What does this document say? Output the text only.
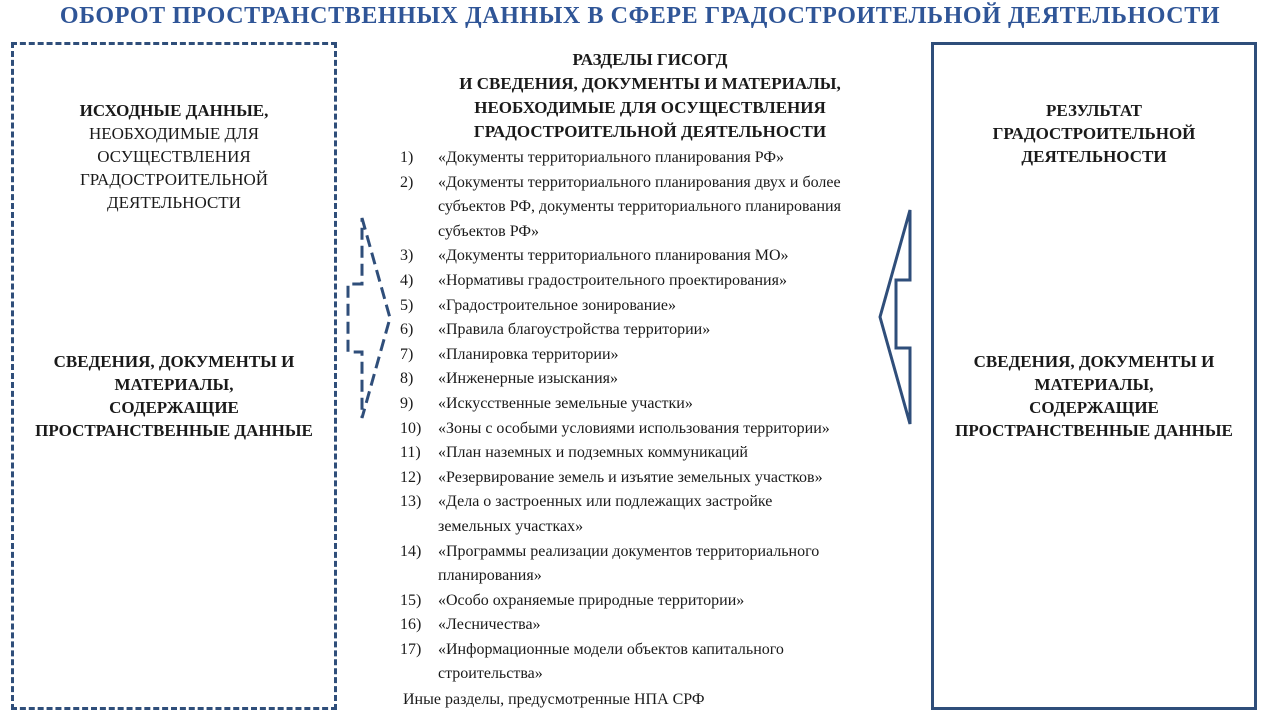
ОБОРОТ ПРОСТРАНСТВЕННЫХ ДАННЫХ В СФЕРЕ ГРАДОСТРОИТЕЛЬНОЙ ДЕЯТЕЛЬНОСТИ
ИСХОДНЫЕ ДАННЫЕ,
НЕОБХОДИМЫЕ ДЛЯ
ОСУЩЕСТВЛЕНИЯ
ГРАДОСТРОИТЕЛЬНОЙ
ДЕЯТЕЛЬНОСТИ
СВЕДЕНИЯ, ДОКУМЕНТЫ И
МАТЕРИАЛЫ,
СОДЕРЖАЩИЕ
ПРОСТРАНСТВЕННЫЕ ДАННЫЕ
РАЗДЕЛЫ ГИСОГД
И СВЕДЕНИЯ, ДОКУМЕНТЫ И МАТЕРИАЛЫ,
НЕОБХОДИМЫЕ ДЛЯ ОСУЩЕСТВЛЕНИЯ
ГРАДОСТРОИТЕЛЬНОЙ ДЕЯТЕЛЬНОСТИ
1)	«Документы территориального планирования РФ»
2)	«Документы территориального планирования двух и более субъектов РФ, документы территориального планирования субъектов РФ»
3)	«Документы территориального планирования МО»
4)	«Нормативы градостроительного проектирования»
5)	«Градостроительное зонирование»
6)	«Правила благоустройства территории»
7)	«Планировка территории»
8)	«Инженерные изыскания»
9)	«Искусственные земельные участки»
10)	«Зоны с особыми условиями использования территории»
11)	«План наземных и подземных коммуникаций
12)	«Резервирование земель и изъятие земельных участков»
13)	«Дела о застроенных или подлежащих застройке земельных участках»
14)	«Программы реализации документов территориального планирования»
15)	«Особо охраняемые природные территории»
16)	«Лесничества»
17)	«Информационные модели объектов капитального строительства»
Иные разделы, предусмотренные НПА СРФ
РЕЗУЛЬТАТ
ГРАДОСТРОИТЕЛЬНОЙ
ДЕЯТЕЛЬНОСТИ
СВЕДЕНИЯ, ДОКУМЕНТЫ И
МАТЕРИАЛЫ,
СОДЕРЖАЩИЕ
ПРОСТРАНСТВЕННЫЕ ДАННЫЕ
